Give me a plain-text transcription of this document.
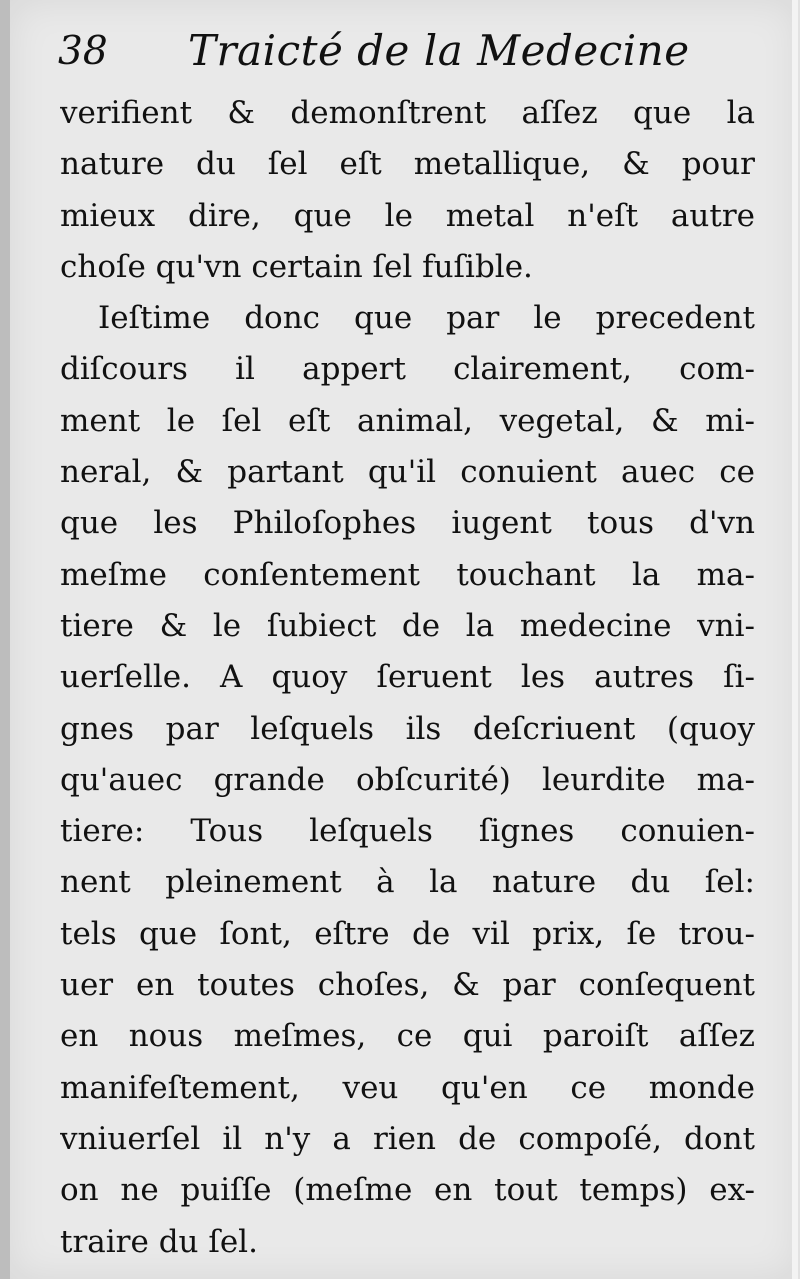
38 Traicté de la Medecine
verifient & demonſtrent aſſez que la
nature du ſel eſt metallique, & pour
mieux dire, que le metal n'eſt autre
choſe qu'vn certain ſel fuſible.
Ieſtime donc que par le precedent
diſcours il appert clairement, com-
ment le ſel eſt animal, vegetal, & mi-
neral, & partant qu'il conuient auec ce
que les Philoſophes iugent tous d'vn
meſme conſentement touchant la ma-
tiere & le ſubiect de la medecine vni-
uerſelle. A quoy ſeruent les autres ſi-
gnes par leſquels ils deſcriuent (quoy
qu'auec grande obſcurité) leurdite ma-
tiere: Tous leſquels ſignes conuien-
nent pleinement à la nature du ſel:
tels que ſont, eſtre de vil prix, ſe trou-
uer en toutes choſes, & par conſequent
en nous meſmes, ce qui paroiſt aſſez
manifeſtement, veu qu'en ce monde
vniuerſel il n'y a rien de compoſé, dont
on ne puiſſe (meſme en tout temps) ex-
traire du ſel.
